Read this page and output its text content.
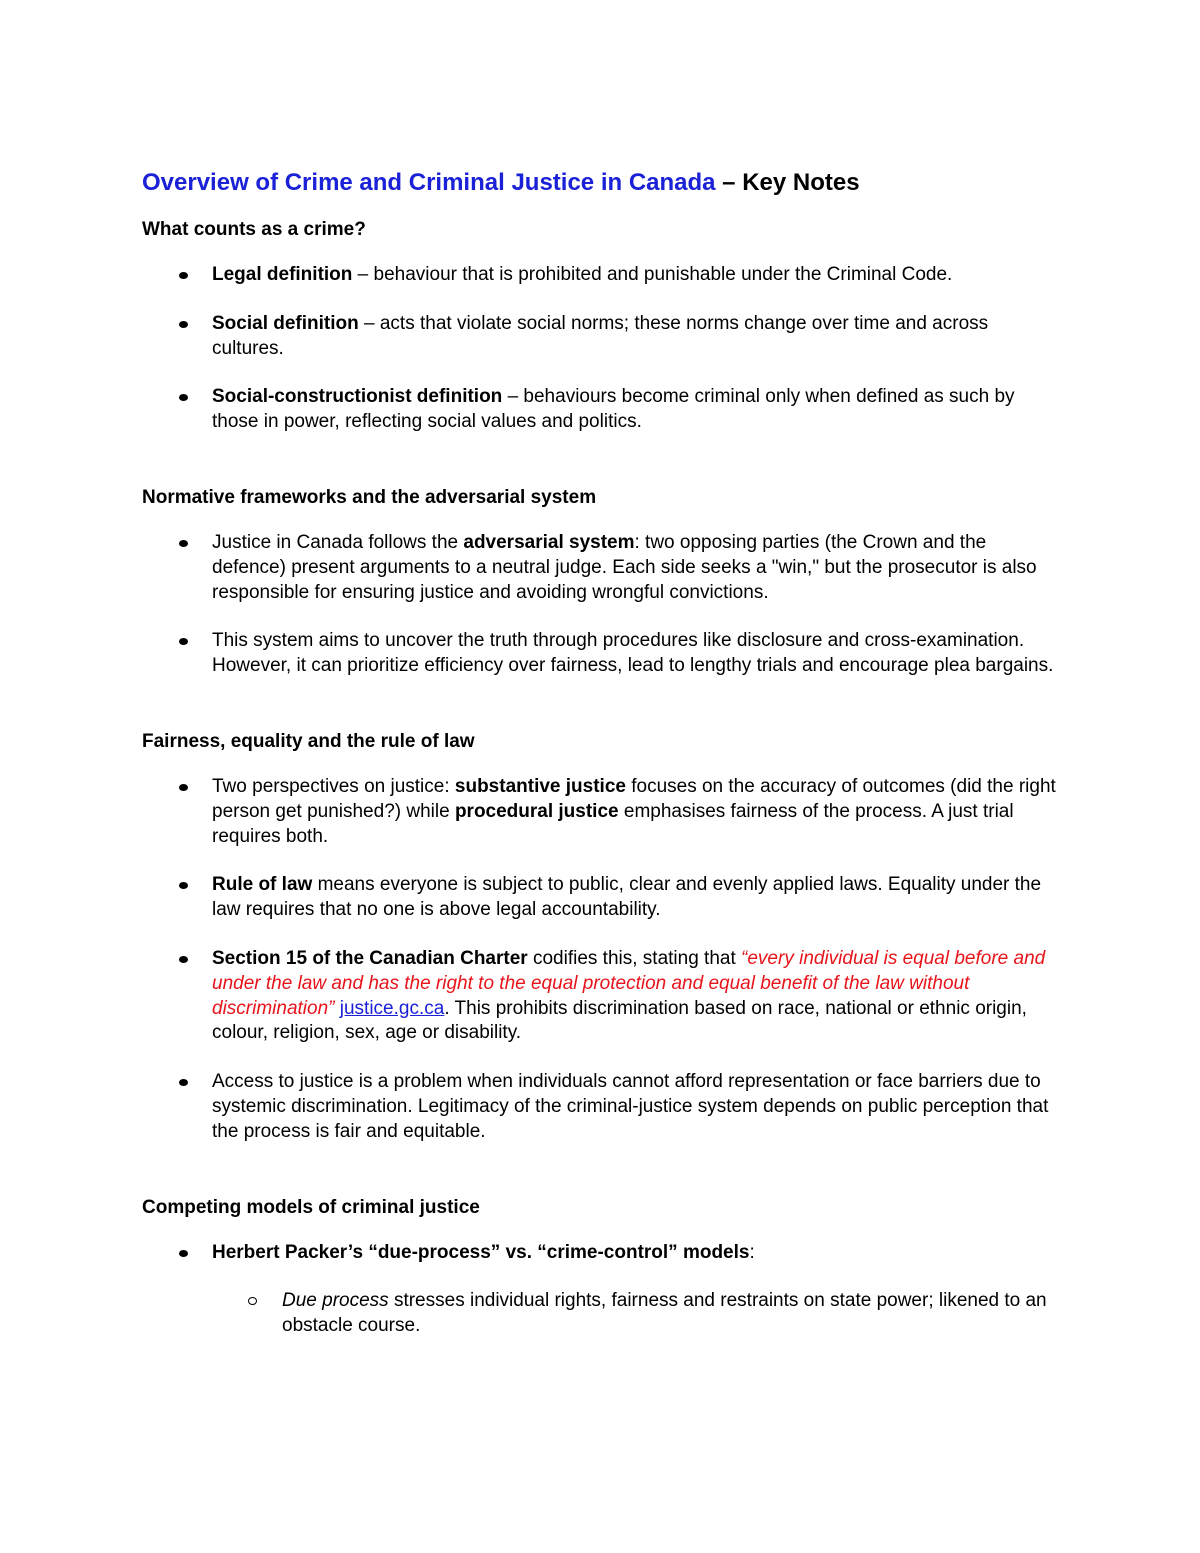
Overview of Crime and Criminal Justice in Canada – Key Notes
What counts as a crime?
Legal definition – behaviour that is prohibited and punishable under the Criminal Code.
Social definition – acts that violate social norms; these norms change over time and across cultures.
Social-constructionist definition – behaviours become criminal only when defined as such by those in power, reflecting social values and politics.
Normative frameworks and the adversarial system
Justice in Canada follows the adversarial system: two opposing parties (the Crown and the defence) present arguments to a neutral judge. Each side seeks a "win," but the prosecutor is also responsible for ensuring justice and avoiding wrongful convictions.
This system aims to uncover the truth through procedures like disclosure and cross-examination. However, it can prioritize efficiency over fairness, lead to lengthy trials and encourage plea bargains.
Fairness, equality and the rule of law
Two perspectives on justice: substantive justice focuses on the accuracy of outcomes (did the right person get punished?) while procedural justice emphasises fairness of the process. A just trial requires both.
Rule of law means everyone is subject to public, clear and evenly applied laws. Equality under the law requires that no one is above legal accountability.
Section 15 of the Canadian Charter codifies this, stating that “every individual is equal before and under the law and has the right to the equal protection and equal benefit of the law without discrimination” justice.gc.ca. This prohibits discrimination based on race, national or ethnic origin, colour, religion, sex, age or disability.
Access to justice is a problem when individuals cannot afford representation or face barriers due to systemic discrimination. Legitimacy of the criminal-justice system depends on public perception that the process is fair and equitable.
Competing models of criminal justice
Herbert Packer’s “due-process” vs. “crime-control” models:
Due process stresses individual rights, fairness and restraints on state power; likened to an obstacle course.
